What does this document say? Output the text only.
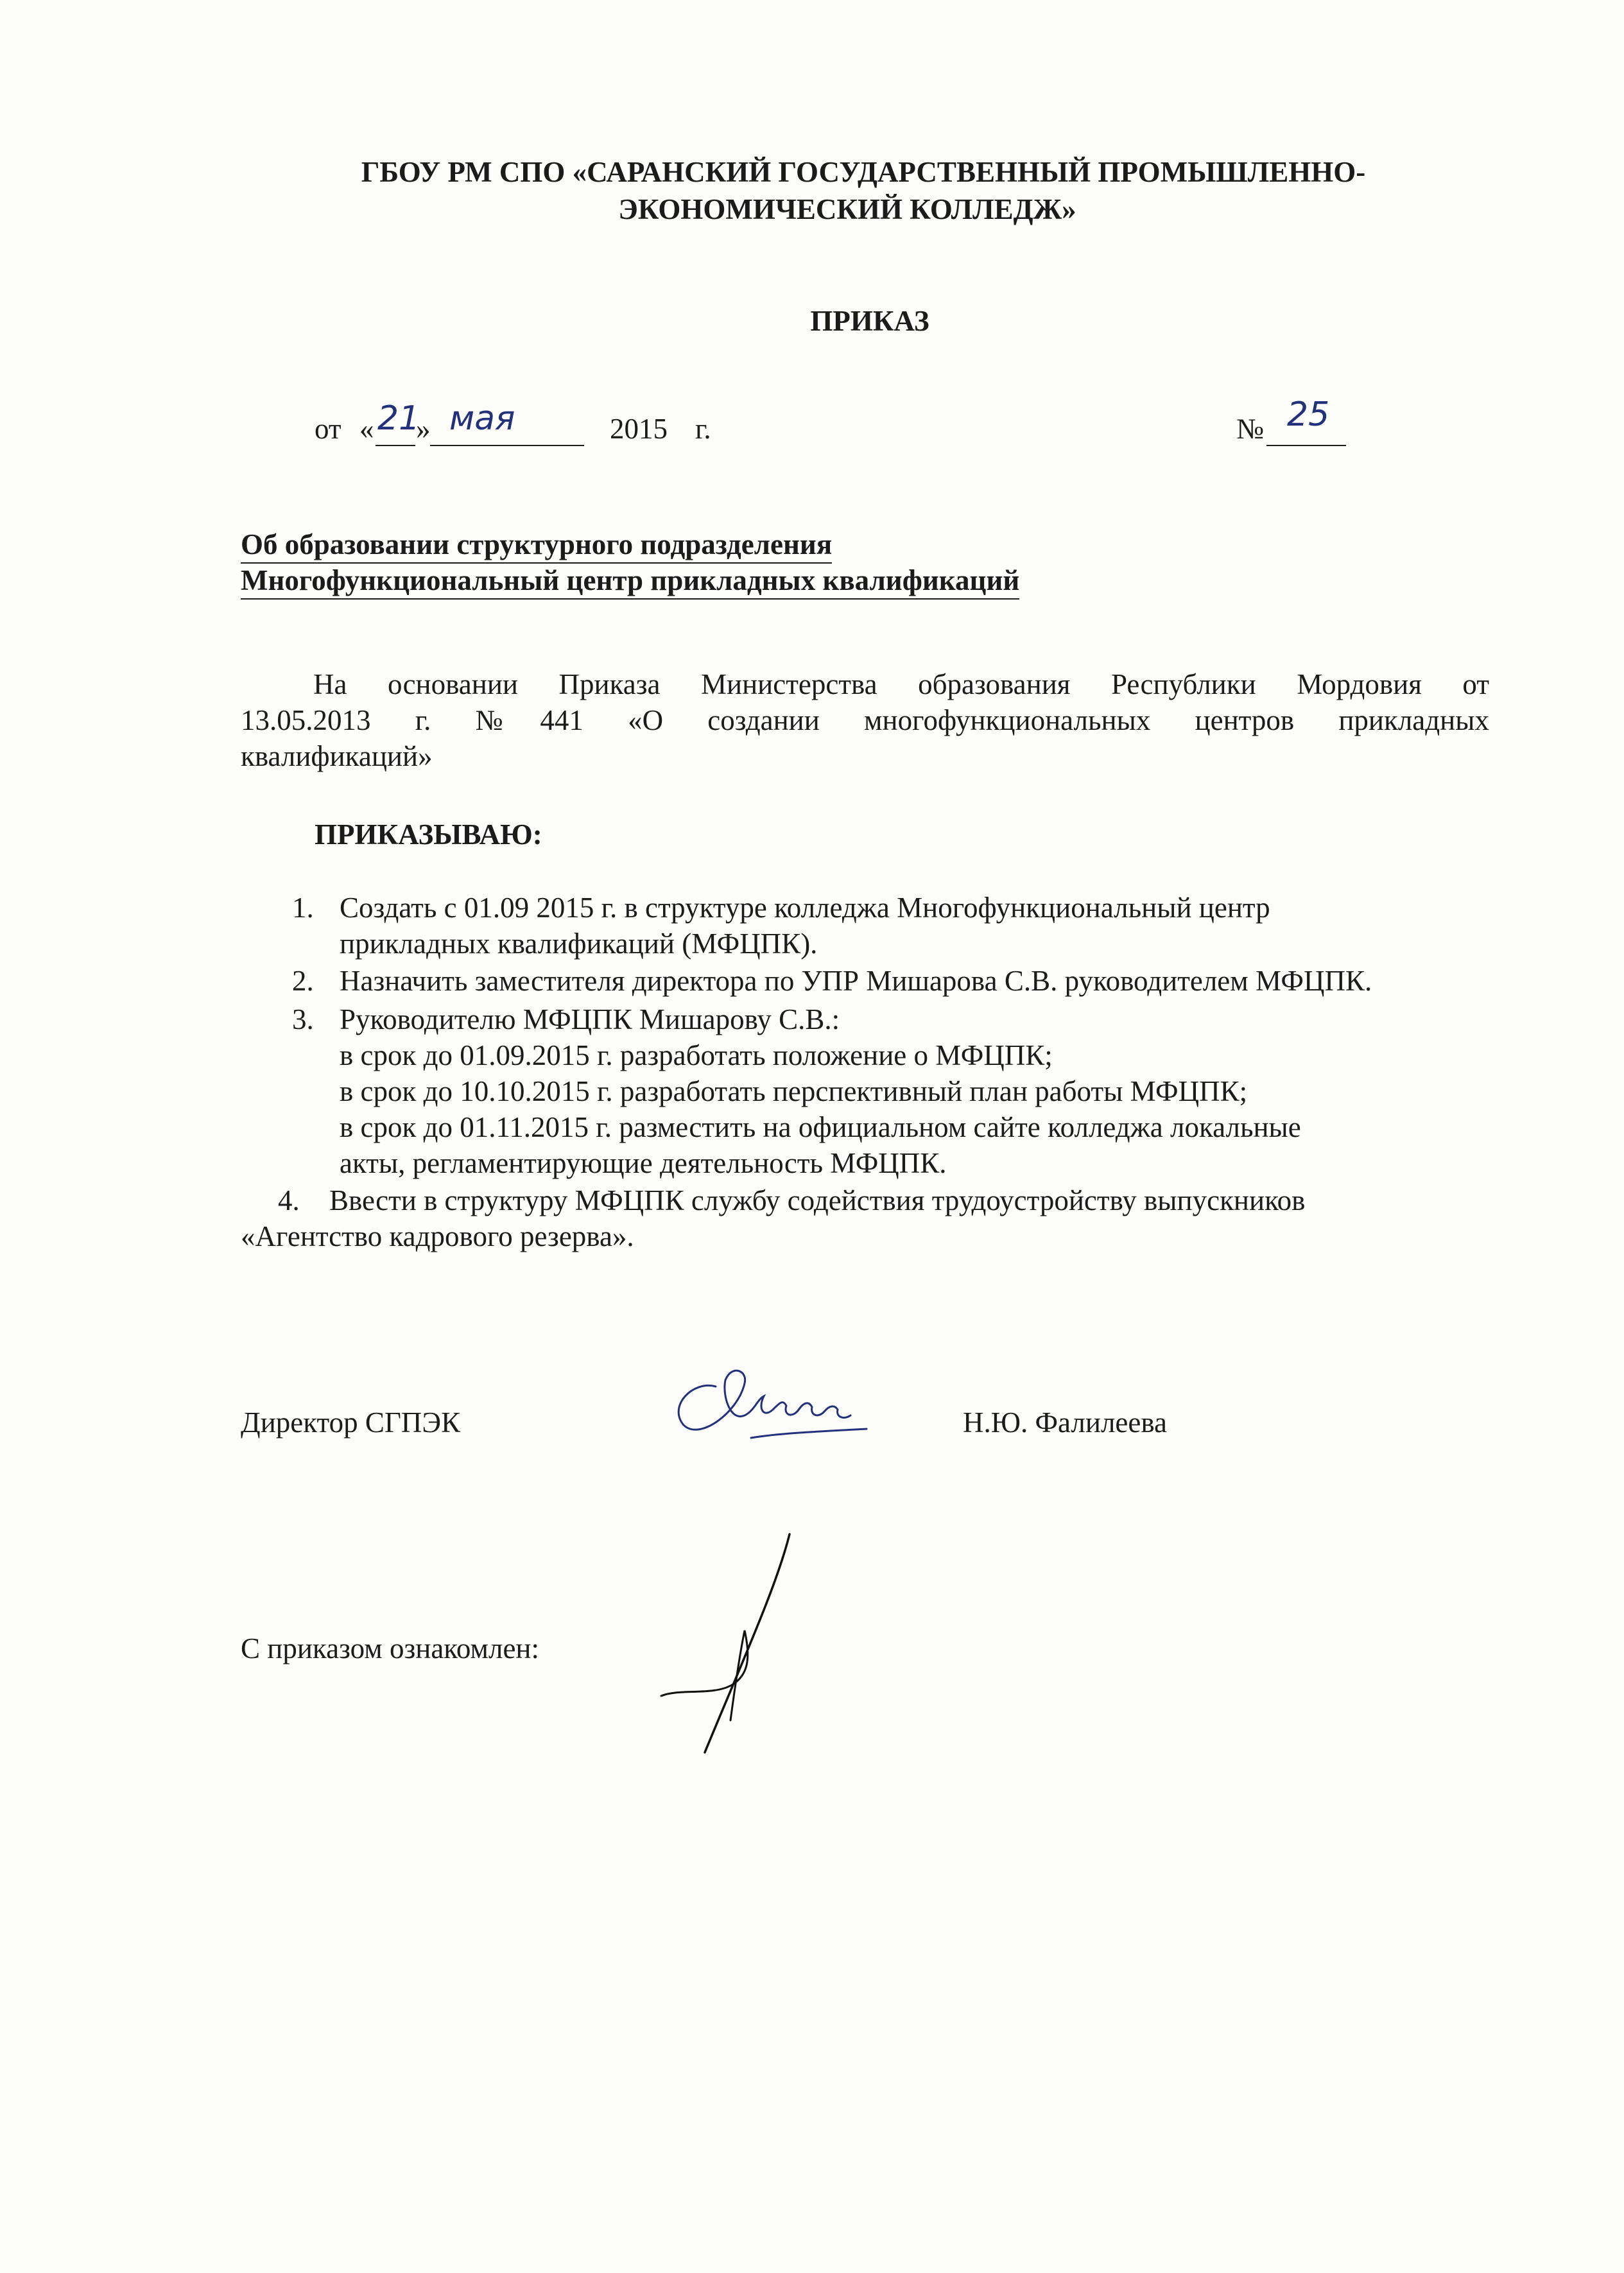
ГБОУ РМ СПО «САРАНСКИЙ ГОСУДАРСТВЕННЫЙ ПРОМЫШЛЕННО-
ЭКОНОМИЧЕСКИЙ КОЛЛЕДЖ»
ПРИКАЗ
от « 21
» мая	2015 г.	№ 25
Об образовании структурного подразделения
Многофункциональный центр прикладных квалификаций
На основании Приказа Министерства образования Республики Мордовия от
13.05.2013 г. №441 «О создании многофункциональных центров прикладных
квалификаций»
ПРИКАЗЫВАЮ:
1. Создать с 01.09 2015 г. в структуре колледжа Многофункциональный центр
прикладных квалификаций (МФЦПК).
2. Назначить заместителя директора по УПР Мишарова С.В. руководителем МФЦПК.
3. Руководителю МФЦПК Мишарову С.В.:
в срок до 01.09.2015 г. разработать положение о МФЦПК;
в срок до 10.10.2015 г. разработать перспективный план работы МФЦПК;
в срок до 01.11.2015 г. разместить на официальном сайте колледжа локальные
акты, регламентирующие деятельность МФЦПК.
4. Ввести в структуру МФЦПК службу содействия трудоустройству выпускников
«Агентство кадрового резерва».
Директор СГПЭК	Н.Ю. Фалилеева
С приказом ознакомлен:
